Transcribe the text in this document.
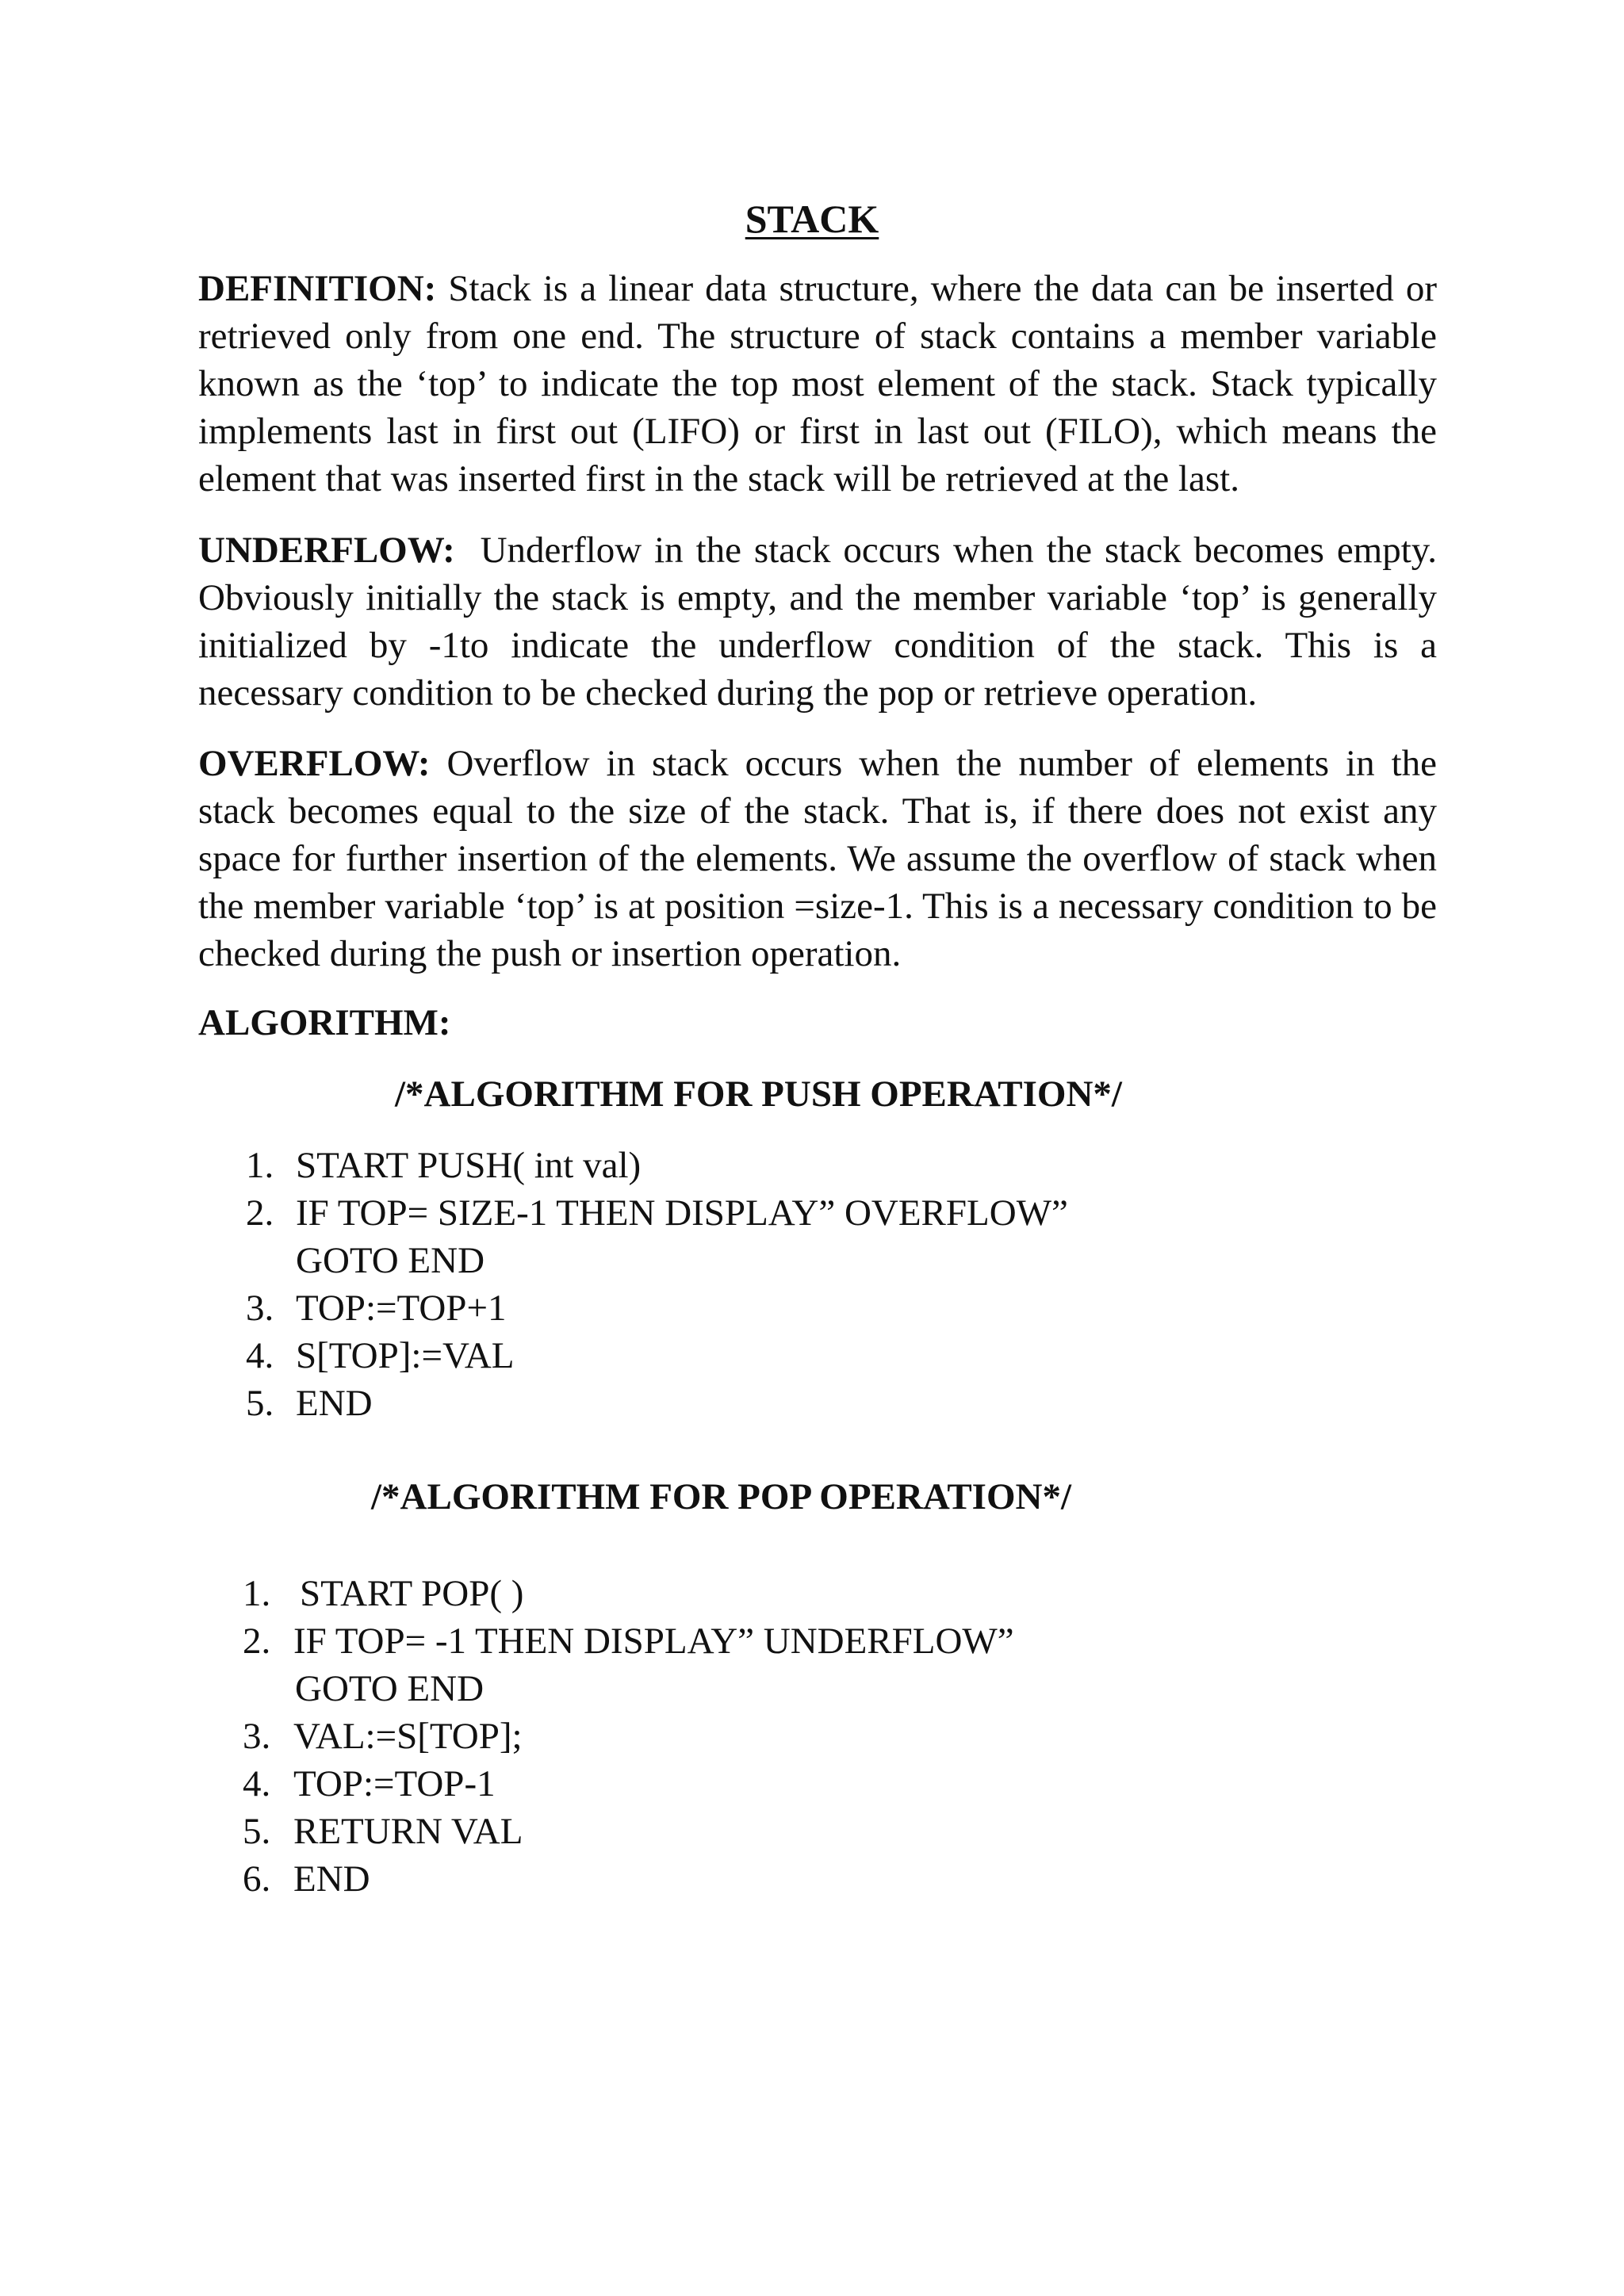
STACK

DEFINITION: Stack is a linear data structure, where the data can be inserted or retrieved only from one end. The structure of stack contains a member variable known as the ‘top’ to indicate the top most element of the stack. Stack typically implements last in first out (LIFO) or first in last out (FILO), which means the element that was inserted first in the stack will be retrieved at the last.

UNDERFLOW:  Underflow in the stack occurs when the stack becomes empty. Obviously initially the stack is empty, and the member variable ‘top’ is generally initialized by -1to indicate the underflow condition of the stack. This is a necessary condition to be checked during the pop or retrieve operation.

OVERFLOW: Overflow in stack occurs when the number of elements in the stack becomes equal to the size of the stack. That is, if there does not exist any space for further insertion of the elements. We assume the overflow of stack when the member variable ‘top’ is at position =size-1. This is a necessary condition to be checked during the push or insertion operation.

ALGORITHM:
/*ALGORITHM FOR PUSH OPERATION*/
1. START PUSH( int val)
2. IF TOP= SIZE-1 THEN DISPLAY” OVERFLOW”
GOTO END
3. TOP:=TOP+1
4. S[TOP]:=VAL
5. END
/*ALGORITHM FOR POP OPERATION*/
1. START POP( )
2. IF TOP= -1 THEN DISPLAY” UNDERFLOW”
GOTO END
3. VAL:=S[TOP];
4. TOP:=TOP-1
5. RETURN VAL
6. END
